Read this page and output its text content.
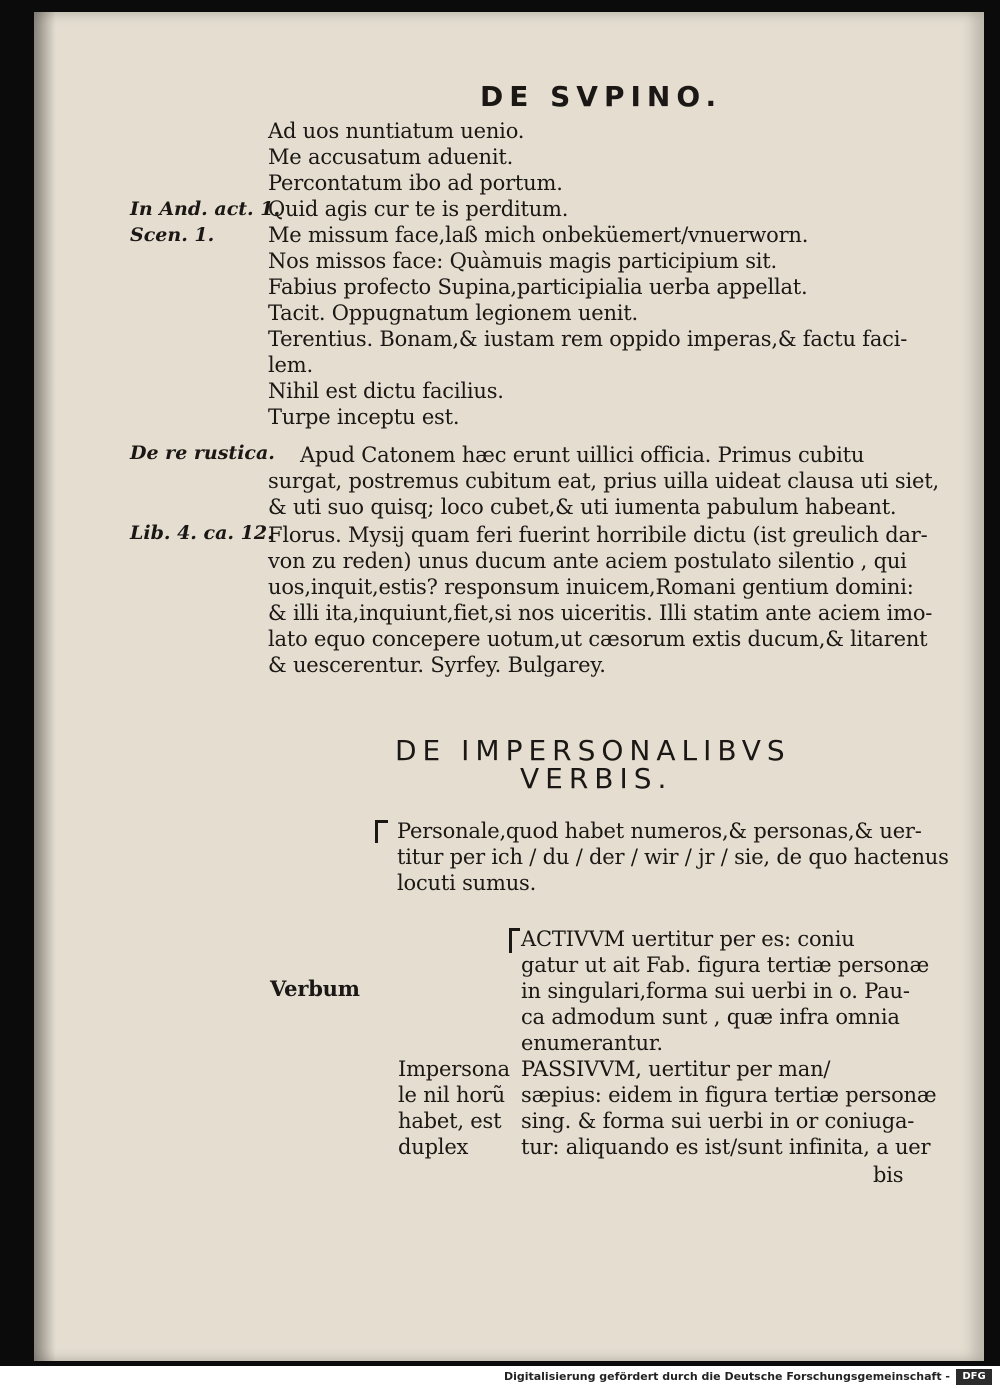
DE SVPINO.
In And. act. 1.
Scen. 1.
De re rustica.
Lib. 4. ca. 12.
Ad uos nuntiatum uenio.
Me accusatum aduenit.
Percontatum ibo ad portum.
Quid agis cur te is perditum.
Me missum face,laß mich onbeküemert/vnuerworn.
Nos missos face: Quàmuis magis participium sit.
Fabius profecto Supina,participialia uerba appellat.
Tacit. Oppugnatum legionem uenit.
Terentius. Bonam,& iustam rem oppido imperas,& factu faci-
lem.
Nihil est dictu facilius.
Turpe inceptu est.
Apud Catonem hæc erunt uillici officia. Primus cubitu
surgat, postremus cubitum eat, prius uilla uideat clausa uti siet,
& uti suo quisq; loco cubet,& uti iumenta pabulum habeant.
Florus. Mysij quam feri fuerint horribile dictu (ist greulich dar-
von zu reden) unus ducum ante aciem postulato silentio , qui
uos,inquit,estis? responsum inuicem,Romani gentium domini:
& illi ita,inquiunt,fiet,si nos uiceritis. Illi statim ante aciem imo-
lato equo concepere uotum,ut cæsorum extis ducum,& litarent
& uescerentur. Syrfey. Bulgarey.
DE IMPERSONALIBVS
VERBIS.
Personale,quod habet numeros,& personas,& uer-
titur per ich / du / der / wir / jr / sie, de quo hactenus
locuti sumus.
Verbum
ACTIVVM uertitur per es: coniu
gatur ut ait Fab. figura tertiæ personæ
in singulari,forma sui uerbi in o. Pau-
ca admodum sunt , quæ infra omnia
enumerantur.
Impersona
le nil horũ
habet, est
duplex
PASSIVVM, uertitur per man/
sæpius: eidem in figura tertiæ personæ
sing. & forma sui uerbi in or coniuga-
tur: aliquando es ist/sunt infinita, a uer
bis
Digitalisierung gefördert durch die Deutsche Forschungsgemeinschaft -	DFG
